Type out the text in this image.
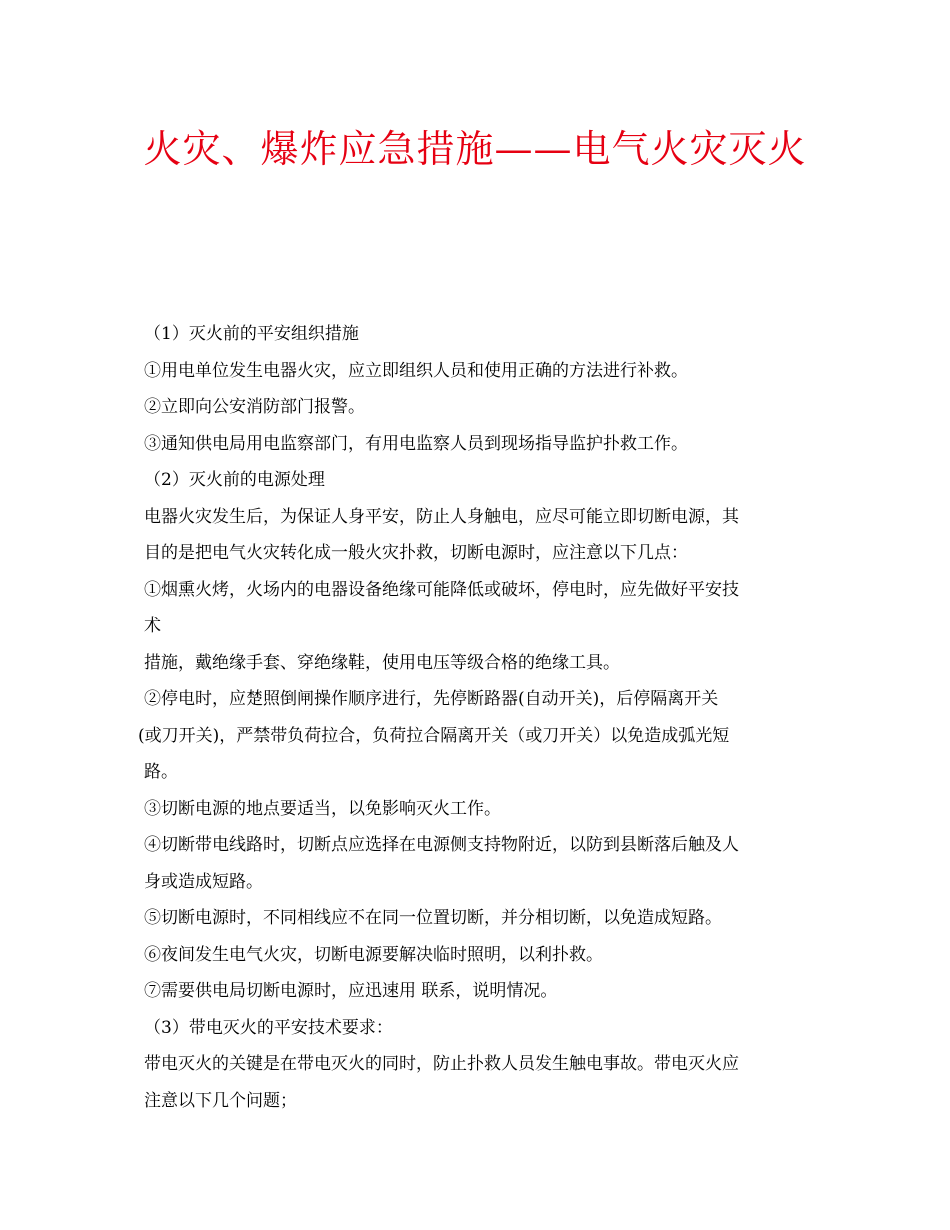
火灾、爆炸应急措施——电气火灾灭火
（1）灭火前的平安组织措施
①用电单位发生电器火灾，应立即组织人员和使用正确的方法进行补救。
②立即向公安消防部门报警。
③通知供电局用电监察部门，有用电监察人员到现场指导监护扑救工作。
（2）灭火前的电源处理
电器火灾发生后，为保证人身平安，防止人身触电，应尽可能立即切断电源，其
目的是把电气火灾转化成一般火灾扑救，切断电源时，应注意以下几点：
①烟熏火烤，火场内的电器设备绝缘可能降低或破坏，停电时，应先做好平安技
术
措施，戴绝缘手套、穿绝缘鞋，使用电压等级合格的绝缘工具。
②停电时，应楚照倒闸操作顺序进行，先停断路器(自动开关)，后停隔离开关
(或刀开关)，严禁带负荷拉合，负荷拉合隔离开关（或刀开关）以免造成弧光短
路。
③切断电源的地点要适当，以免影响灭火工作。
④切断带电线路时，切断点应选择在电源侧支持物附近，以防到县断落后触及人
身或造成短路。
⑤切断电源时，不同相线应不在同一位置切断，并分相切断，以免造成短路。
⑥夜间发生电气火灾，切断电源要解决临时照明，以利扑救。
⑦需要供电局切断电源时，应迅速用 联系，说明情况。
（3）带电灭火的平安技术要求：
带电灭火的关键是在带电灭火的同时，防止扑救人员发生触电事故。带电灭火应
注意以下几个问题；
